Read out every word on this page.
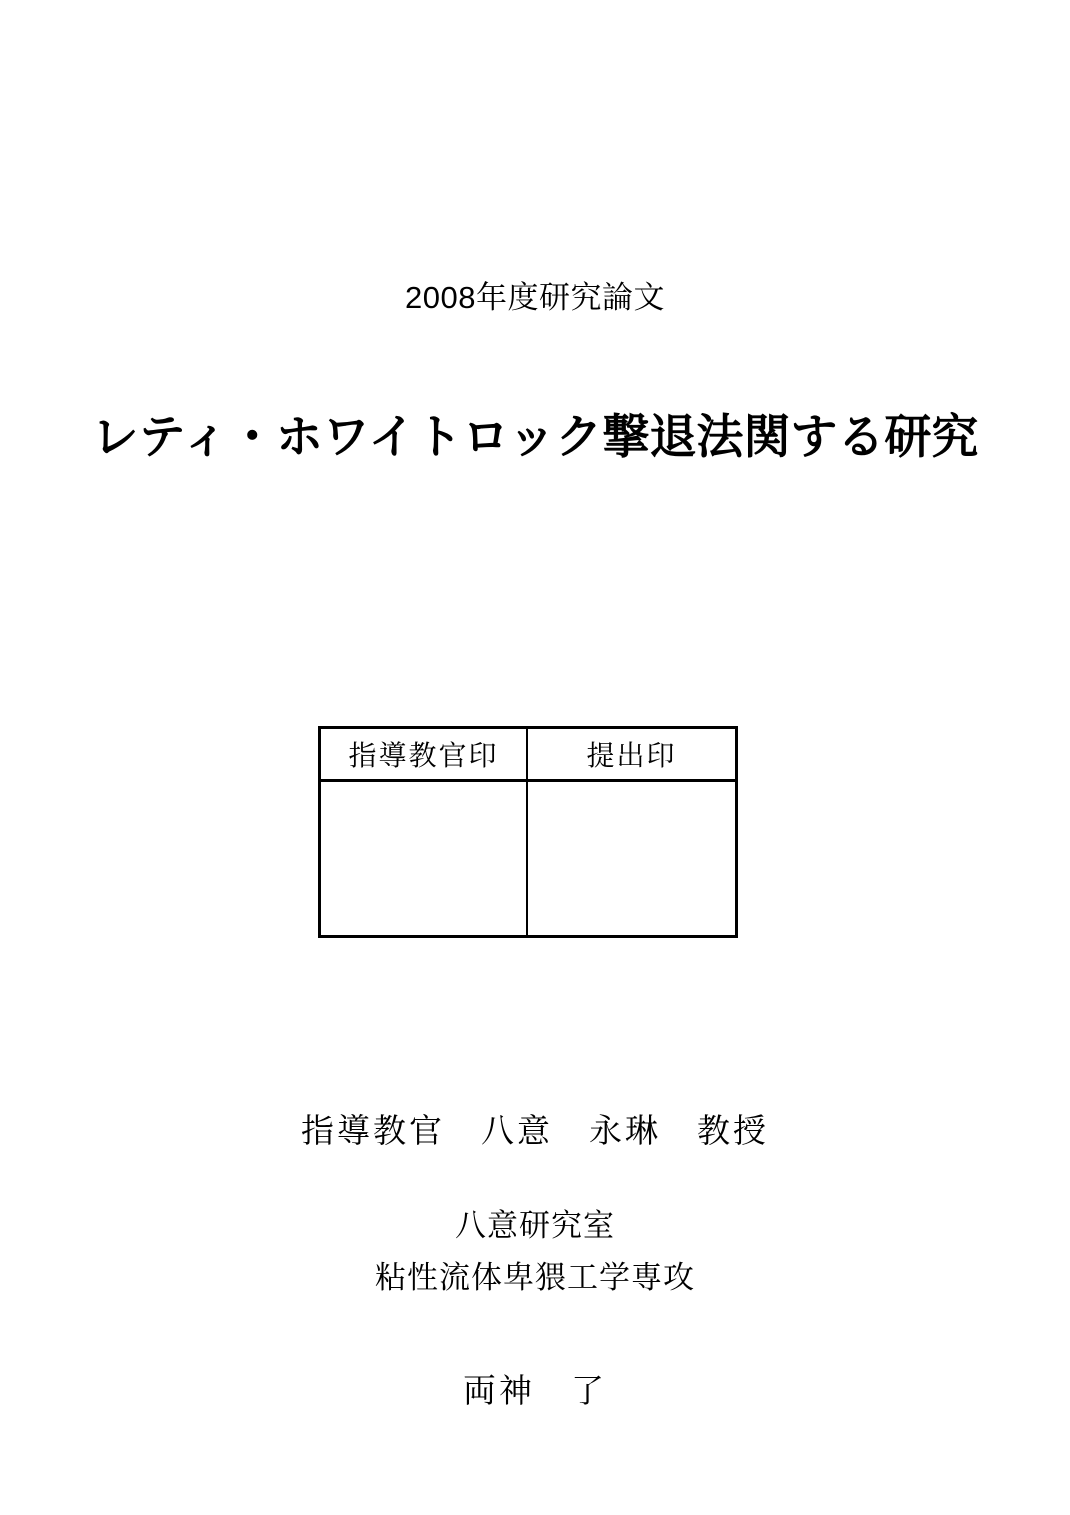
2008年度研究論文
レティ・ホワイトロック撃退法関する研究
指導教官印	提出印
指導教官　八意　永琳　教授
八意研究室
粘性流体卑猥工学専攻
両神　了
